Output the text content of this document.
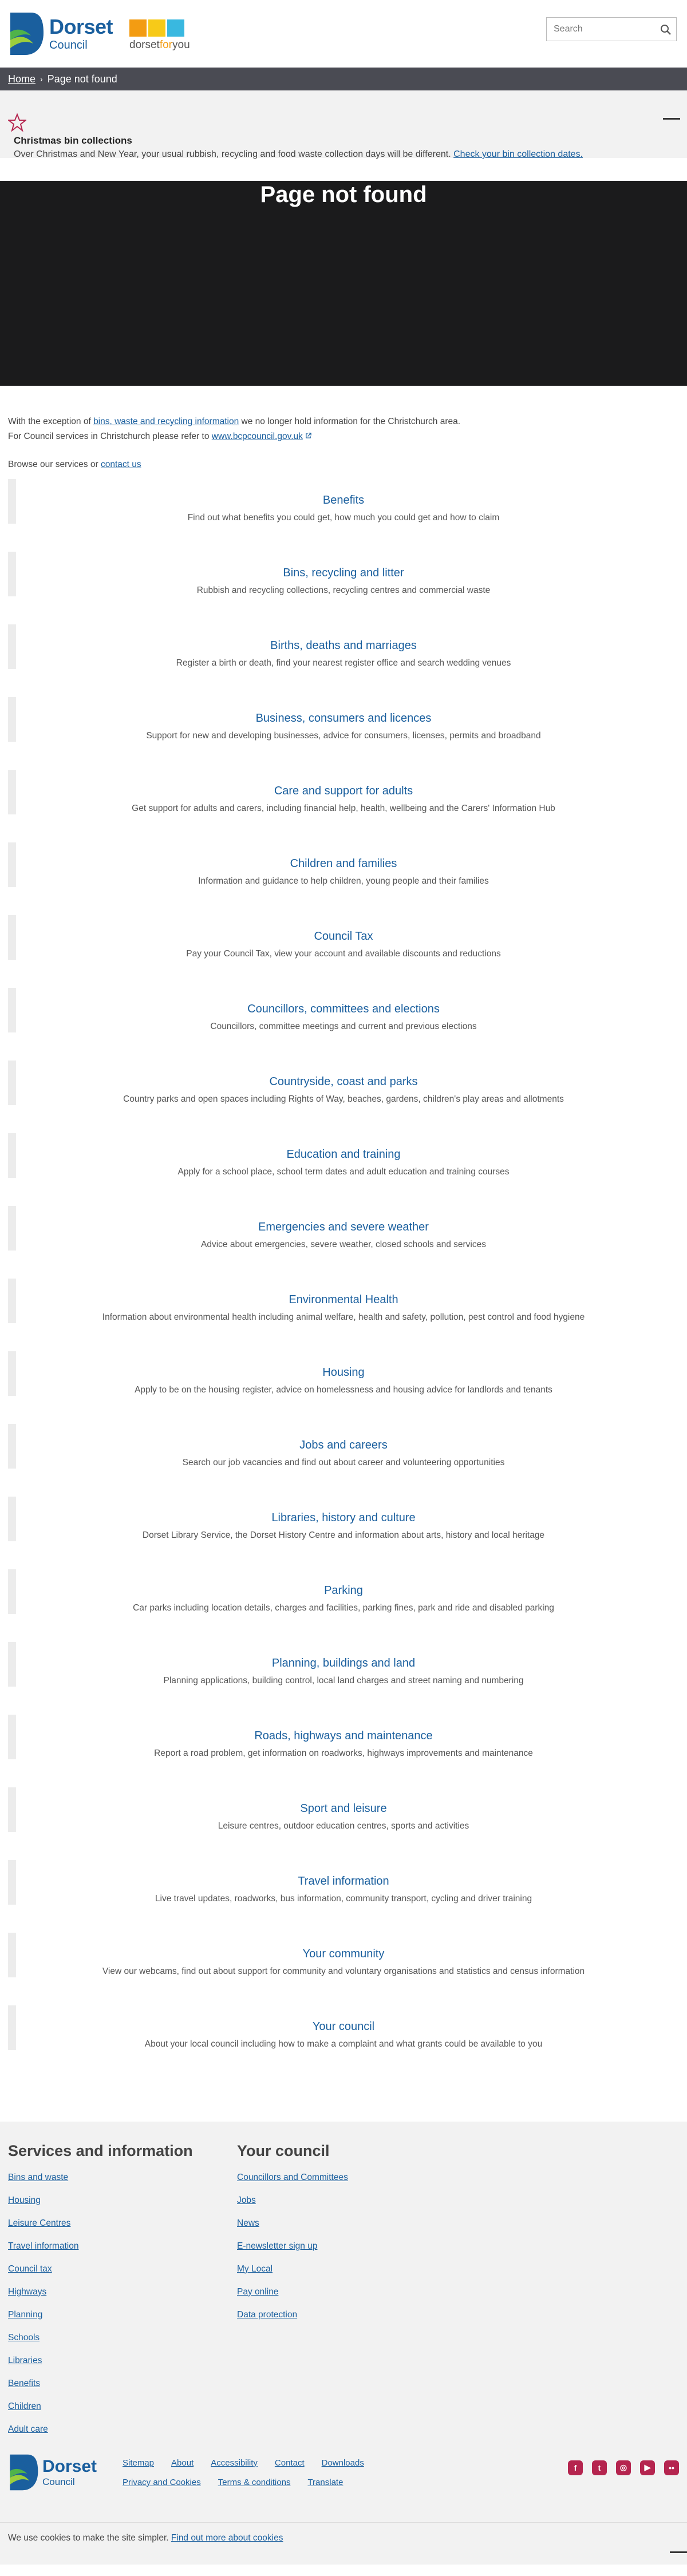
Dorset
Council	dorsetforyou
Search
Home › Page not found
Christmas bin collections
Over Christmas and New Year, your usual rubbish, recycling and food waste collection days will be different. Check your bin collection dates.
Page not found
With the exception of bins, waste and recycling information we no longer hold information for the Christchurch area.
For Council services in Christchurch please refer to www.bcpcouncil.gov.uk
Browse our services or contact us
Benefits
Find out what benefits you could get, how much you could get and how to claim
Bins, recycling and litter
Rubbish and recycling collections, recycling centres and commercial waste
Births, deaths and marriages
Register a birth or death, find your nearest register office and search wedding venues
Business, consumers and licences
Support for new and developing businesses, advice for consumers, licenses, permits and broadband
Care and support for adults
Get support for adults and carers, including financial help, health, wellbeing and the Carers' Information Hub
Children and families
Information and guidance to help children, young people and their families
Council Tax
Pay your Council Tax, view your account and available discounts and reductions
Councillors, committees and elections
Councillors, committee meetings and current and previous elections
Countryside, coast and parks
Country parks and open spaces including Rights of Way, beaches, gardens, children's play areas and allotments
Education and training
Apply for a school place, school term dates and adult education and training courses
Emergencies and severe weather
Advice about emergencies, severe weather, closed schools and services
Environmental Health
Information about environmental health including animal welfare, health and safety, pollution, pest control and food hygiene
Housing
Apply to be on the housing register, advice on homelessness and housing advice for landlords and tenants
Jobs and careers
Search our job vacancies and find out about career and volunteering opportunities
Libraries, history and culture
Dorset Library Service, the Dorset History Centre and information about arts, history and local heritage
Parking
Car parks including location details, charges and facilities, parking fines, park and ride and disabled parking
Planning, buildings and land
Planning applications, building control, local land charges and street naming and numbering
Roads, highways and maintenance
Report a road problem, get information on roadworks, highways improvements and maintenance
Sport and leisure
Leisure centres, outdoor education centres, sports and activities
Travel information
Live travel updates, roadworks, bus information, community transport, cycling and driver training
Your community
View our webcams, find out about support for community and voluntary organisations and statistics and census information
Your council
About your local council including how to make a complaint and what grants could be available to you
Services and information
Bins and waste
Housing
Leisure Centres
Travel information
Council tax
Highways
Planning
Schools
Libraries
Benefits
Children
Adult care
Your council
Councillors and Committees
Jobs
News
E-newsletter sign up
My Local
Pay online
Data protection
Dorset
Council
Sitemap About Accessibility Contact Downloads
Privacy and Cookies Terms & conditions Translate
f	t	◎	▶	••
We use cookies to make the site simpler. Find out more about cookies
